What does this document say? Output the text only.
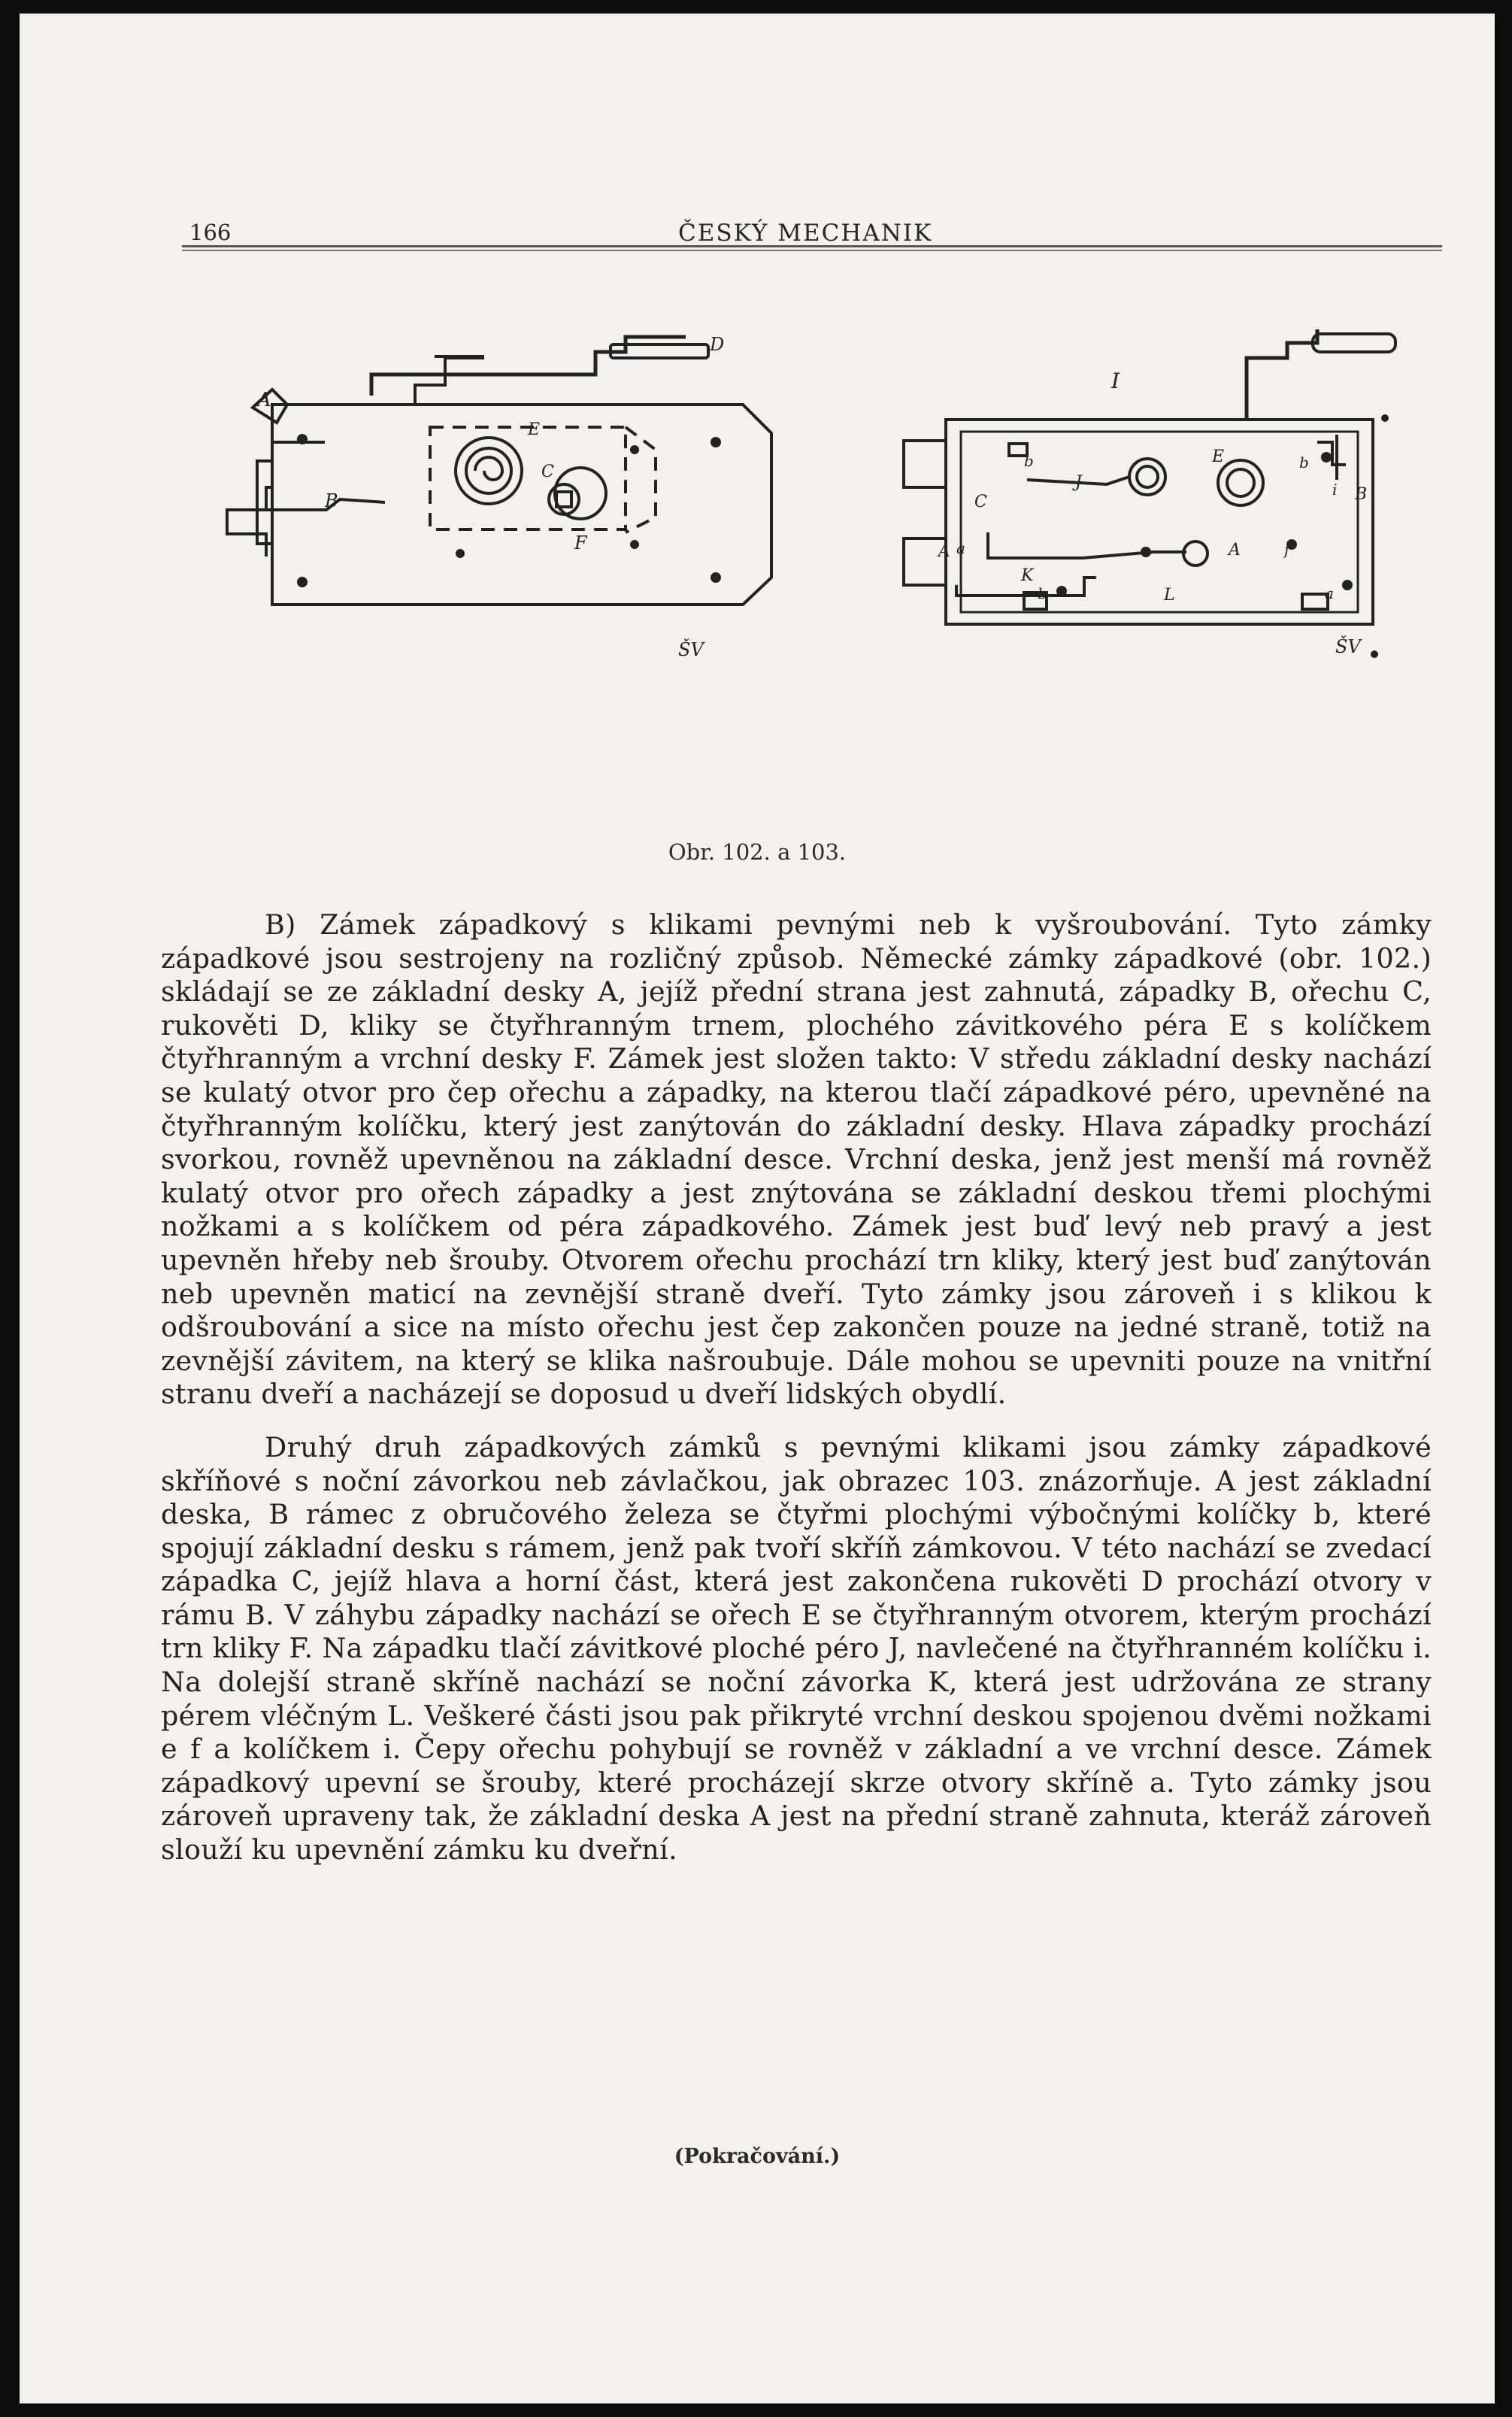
166	ČESKÝ MECHANIK
A
B
C
D
E
F
ŠV
I
b
J
E	b
i B
C
a
A
K
e	A	f
L
b	a
ŠV
Obr. 102. a 103.

B) Zámek západkový s klikami pevnými neb k vyšroubování. Tyto zámky západkové jsou sestrojeny na rozličný způsob. Německé zámky západkové (obr. 102.) skládají se ze základní desky A, jejíž přední strana jest zahnutá, západky B, ořechu C, rukověti D, kliky se čtyřhranným trnem, plochého závitkového péra E s kolíčkem čtyřhranným a vrchní desky F. Zámek jest složen takto: V středu základní desky nachází se kulatý otvor pro čep ořechu a západky, na kterou tlačí západkové péro, upevněné na čtyřhranným kolíčku, který jest zanýtován do základní desky. Hlava západky prochází svorkou, rovněž upevněnou na základní desce. Vrchní deska, jenž jest menší má rovněž kulatý otvor pro ořech západky a jest znýtována se základní deskou třemi plochými nožkami a s kolíčkem od péra západkového. Zámek jest buď levý neb pravý a jest upevněn hřeby neb šrouby. Otvorem ořechu prochází trn kliky, který jest buď zanýtován neb upevněn maticí na zevnější straně dveří. Tyto zámky jsou zároveň i s klikou k odšroubování a sice na místo ořechu jest čep zakončen pouze na jedné straně, totiž na zevnější závitem, na který se klika našroubuje. Dále mohou se upevniti pouze na vnitřní stranu dveří a nacházejí se doposud u dveří lidských obydlí.

Druhý druh západkových zámků s pevnými klikami jsou zámky západkové skříňové s noční závorkou neb závlačkou, jak obrazec 103. znázorňuje. A jest základní deska, B rámec z obručového železa se čtyřmi plochými výbočnými kolíčky b, které spojují základní desku s rámem, jenž pak tvoří skříň zámkovou. V této nachází se zvedací západka C, jejíž hlava a horní část, která jest zakončena rukověti D prochází otvory v rámu B. V záhybu západky nachází se ořech E se čtyřhranným otvorem, kterým prochází trn kliky F. Na západku tlačí závitkové ploché péro J, navlečené na čtyřhranném kolíčku i. Na dolejší straně skříně nachází se noční závorka K, která jest udržována ze strany pérem vléčným L. Veškeré části jsou pak přikryté vrchní deskou spojenou dvěmi nožkami e f a kolíčkem i. Čepy ořechu pohybují se rovněž v základní a ve vrchní desce. Zámek západkový upevní se šrouby, které procházejí skrze otvory skříně a. Tyto zámky jsou zároveň upraveny tak, že základní deska A jest na přední straně zahnuta, kteráž zároveň slouží ku upevnění zámku ku dveřní.

(Pokračování.)
